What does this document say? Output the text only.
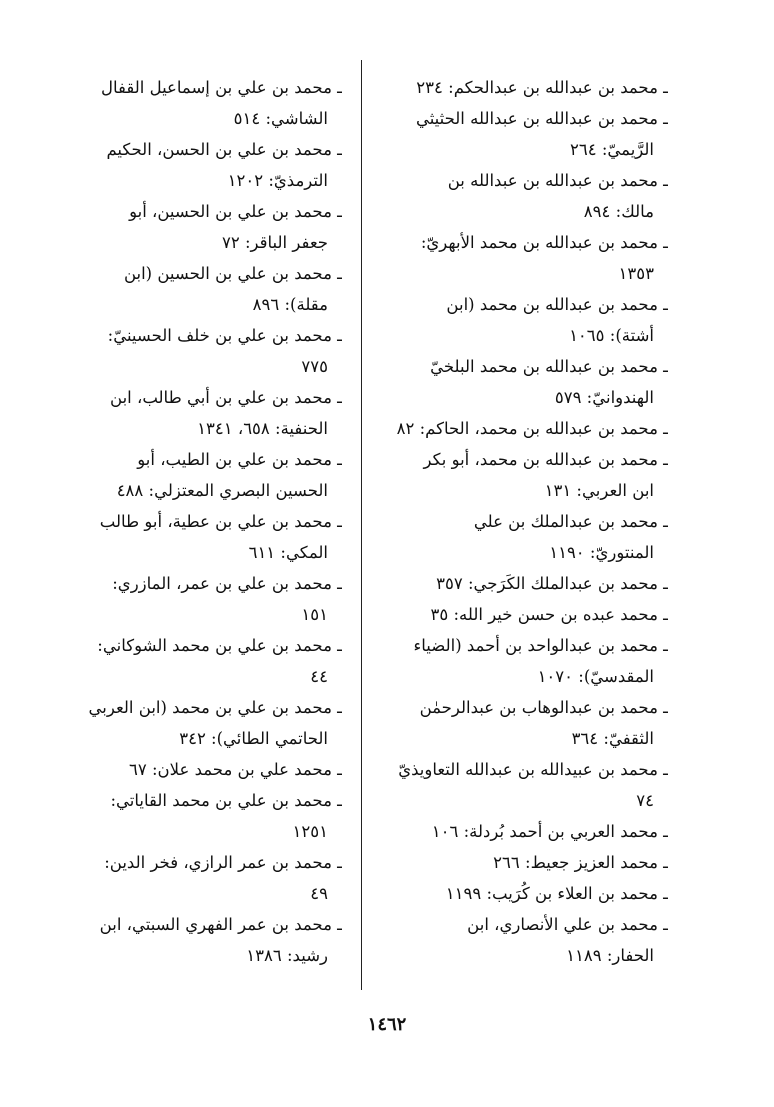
ـ محمد بن عبدالله بن عبدالحكم: ٢٣٤
ـ محمد بن عبدالله بن عبدالله الحثيثي
الرَّيميّ: ٢٦٤
ـ محمد بن عبدالله بن عبدالله بن
مالك: ٨٩٤
ـ محمد بن عبدالله بن محمد الأبهريّ:
١٣٥٣
ـ محمد بن عبدالله بن محمد (ابن
أشتة): ١٠٦٥
ـ محمد بن عبدالله بن محمد البلخيّ
الهندوانيّ: ٥٧٩
ـ محمد بن عبدالله بن محمد، الحاكم: ٨٢
ـ محمد بن عبدالله بن محمد، أبو بكر
ابن العربي: ١٣١
ـ محمد بن عبدالملك بن علي
المنتوريّ: ١١٩٠
ـ محمد بن عبدالملك الكَرَجي: ٣٥٧
ـ محمد عبده بن حسن خير الله: ٣٥
ـ محمد بن عبدالواحد بن أحمد (الضياء
المقدسيّ): ١٠٧٠
ـ محمد بن عبدالوهاب بن عبدالرحمٰن
الثقفيّ: ٣٦٤
ـ محمد بن عبيدالله بن عبدالله التعاويذيّ
٧٤
ـ محمد العربي بن أحمد بُردلة: ١٠٦
ـ محمد العزيز جعيط: ٢٦٦
ـ محمد بن العلاء بن كُرَيب: ١١٩٩
ـ محمد بن علي الأنصاري، ابن
الحفار: ١١٨٩
ـ محمد بن علي بن إسماعيل القفال
الشاشي: ٥١٤
ـ محمد بن علي بن الحسن، الحكيم
الترمذيّ: ١٢٠٢
ـ محمد بن علي بن الحسين، أبو
جعفر الباقر: ٧٢
ـ محمد بن علي بن الحسين (ابن
مقلة): ٨٩٦
ـ محمد بن علي بن خلف الحسينيّ:
٧٧٥
ـ محمد بن علي بن أبي طالب، ابن
الحنفية: ٦٥٨، ١٣٤١
ـ محمد بن علي بن الطيب، أبو
الحسين البصري المعتزلي: ٤٨٨
ـ محمد بن علي بن عطية، أبو طالب
المكي: ٦١١
ـ محمد بن علي بن عمر، المازري:
١٥١
ـ محمد بن علي بن محمد الشوكاني:
٤٤
ـ محمد بن علي بن محمد (ابن العربي
الحاتمي الطائي): ٣٤٢
ـ محمد علي بن محمد علان: ٦٧
ـ محمد بن علي بن محمد القاياتي:
١٢٥١
ـ محمد بن عمر الرازي، فخر الدين:
٤٩
ـ محمد بن عمر الفهري السبتي، ابن
رشيد: ١٣٨٦
١٤٦٢
